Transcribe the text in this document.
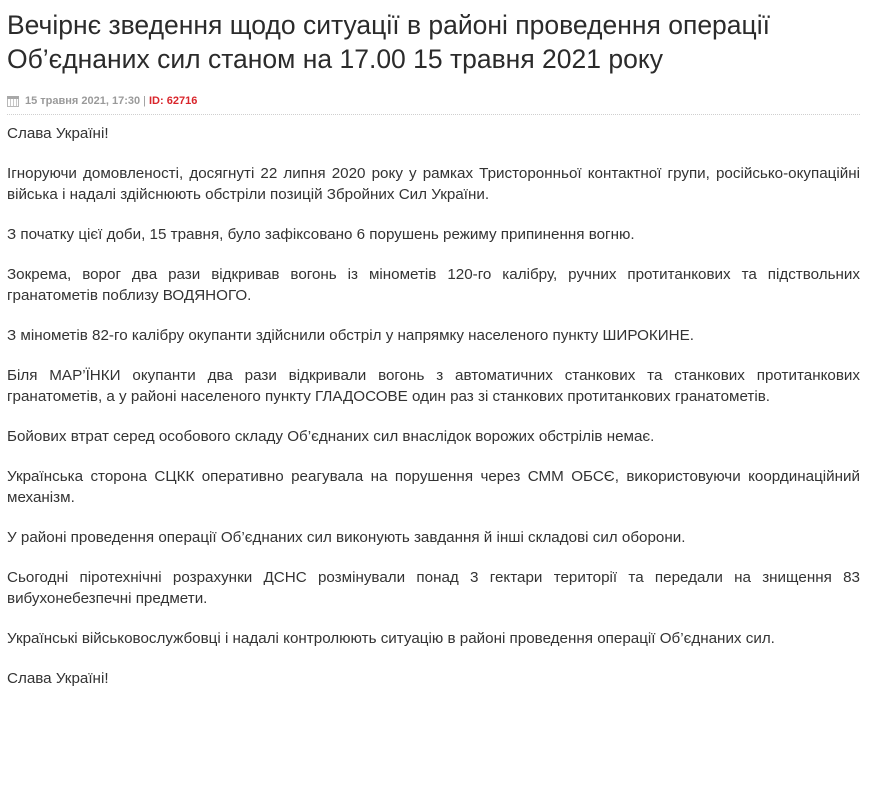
Вечірнє зведення щодо ситуації в районі проведення операції Об’єднаних сил станом на 17.00 15 травня 2021 року
15 травня 2021, 17:30 | ID:
62716

Слава Україні!

Ігноруючи домовленості, досягнуті 22 липня 2020 року у рамках Тристоронньої контактної групи, російсько-окупаційні війська і надалі здійснюють обстріли позицій Збройних Сил України.

З початку цієї доби, 15 травня, було зафіксовано 6 порушень режиму припинення вогню.

Зокрема, ворог два рази відкривав вогонь із мінометів 120-го калібру, ручних протитанкових та підствольних гранатометів поблизу ВОДЯНОГО.

З мінометів 82-го калібру окупанти здійснили обстріл у напрямку населеного пункту ШИРОКИНЕ.

Біля МАР’ЇНКИ окупанти два рази відкривали вогонь з автоматичних станкових та станкових протитанкових гранатометів, а у районі населеного пункту ГЛАДОСОВЕ один раз зі станкових протитанкових гранатометів.

Бойових втрат серед особового складу Об’єднаних сил внаслідок ворожих обстрілів немає.

Українська сторона СЦКК оперативно реагувала на порушення через СММ ОБСЄ, використовуючи координаційний механізм.

У районі проведення операції Об’єднаних сил виконують завдання й інші складові сил оборони.

Сьогодні піротехнічні розрахунки ДСНС розмінували понад 3 гектари території та передали на знищення 83 вибухонебезпечні предмети.

Українські військовослужбовці і надалі контролюють ситуацію в районі проведення операції Об’єднаних сил.

Слава Україні!
